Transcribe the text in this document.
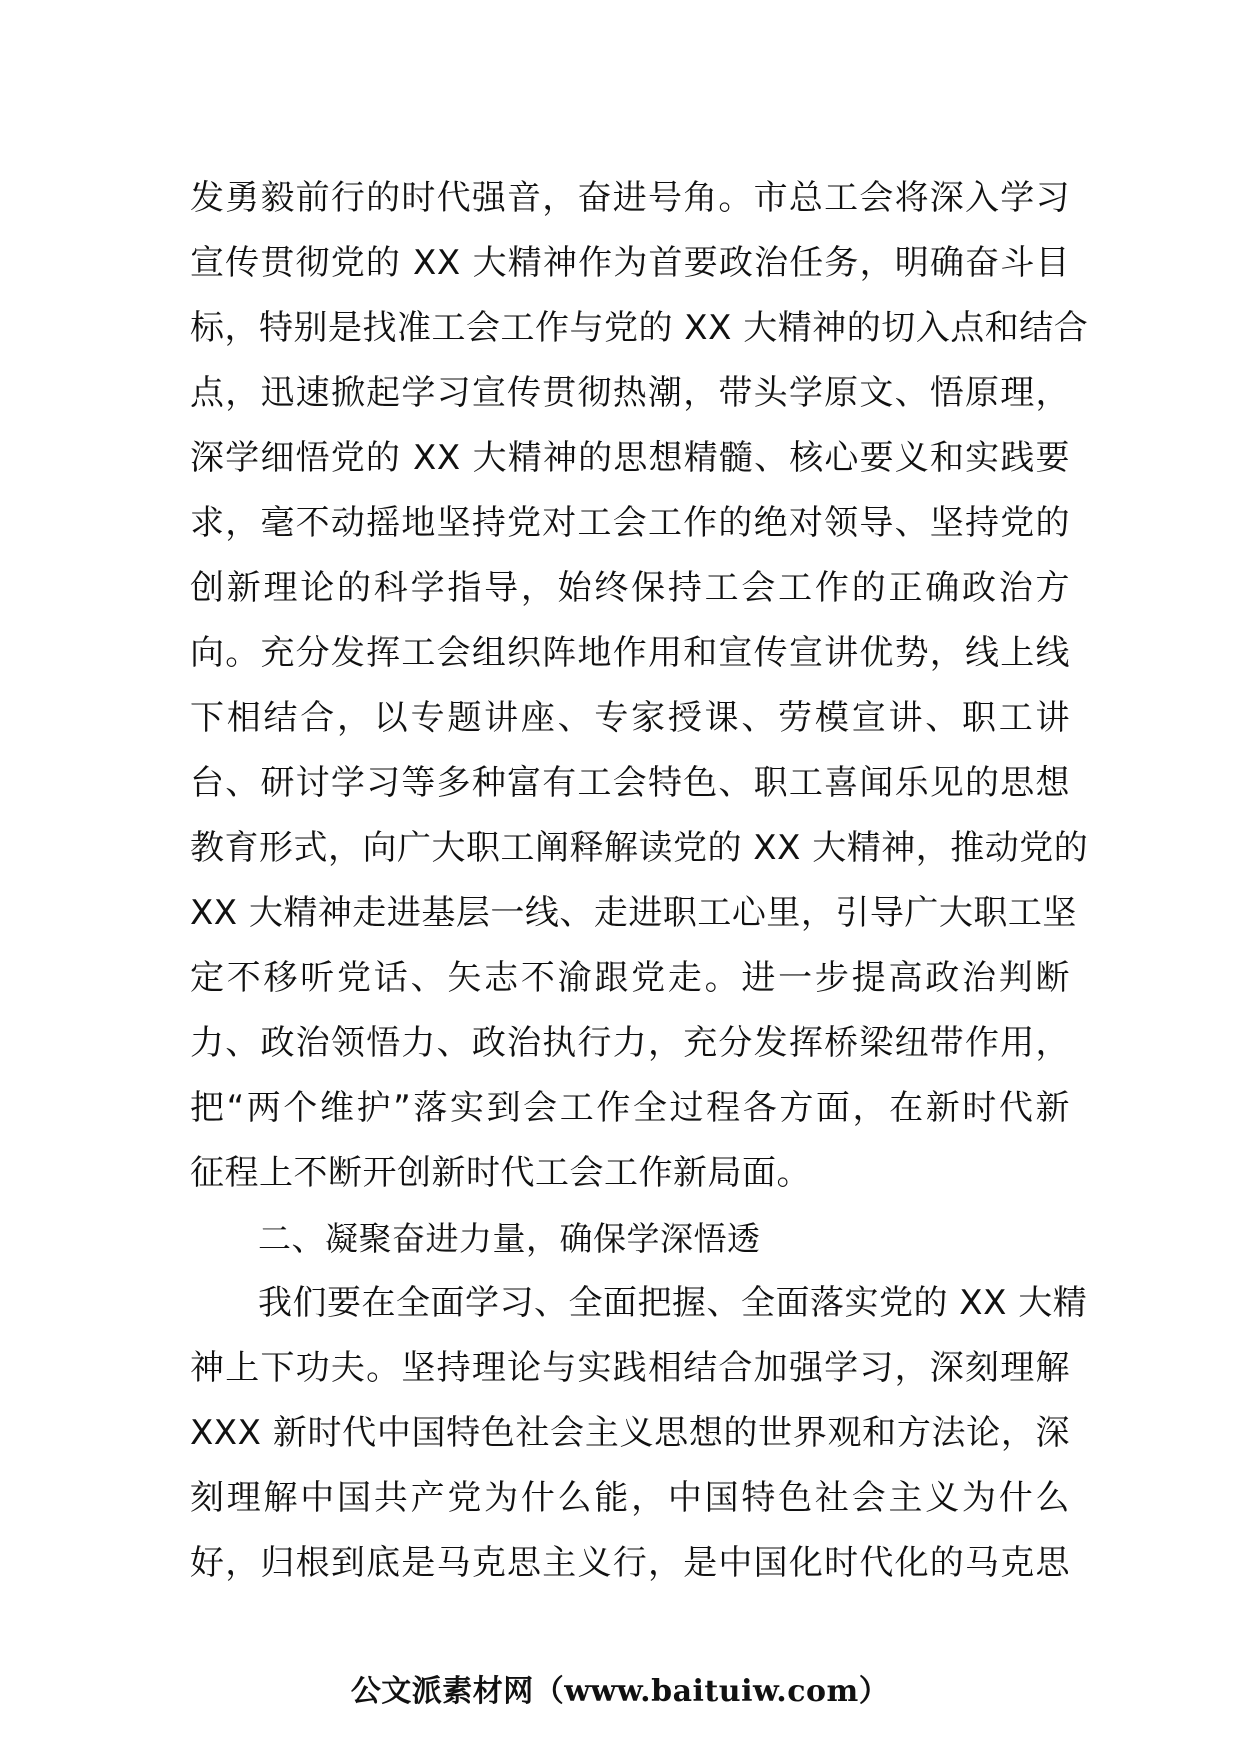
发勇毅前行的时代强音，奋进号角。市总工会将深入学习
宣传贯彻党的 XX 大精神作为首要政治任务，明确奋斗目
标，特别是找准工会工作与党的 XX 大精神的切入点和结合
点，迅速掀起学习宣传贯彻热潮，带头学原文、悟原理，
深学细悟党的 XX 大精神的思想精髓、核心要义和实践要
求，毫不动摇地坚持党对工会工作的绝对领导、坚持党的
创新理论的科学指导，始终保持工会工作的正确政治方
向。充分发挥工会组织阵地作用和宣传宣讲优势，线上线
下相结合，以专题讲座、专家授课、劳模宣讲、职工讲
台、研讨学习等多种富有工会特色、职工喜闻乐见的思想
教育形式，向广大职工阐释解读党的 XX 大精神，推动党的
XX 大精神走进基层一线、走进职工心里，引导广大职工坚
定不移听党话、矢志不渝跟党走。进一步提高政治判断
力、政治领悟力、政治执行力，充分发挥桥梁纽带作用，
把“两个维护”落实到会工作全过程各方面，在新时代新
征程上不断开创新时代工会工作新局面。
二、凝聚奋进力量，确保学深悟透
我们要在全面学习、全面把握、全面落实党的 XX 大精
神上下功夫。坚持理论与实践相结合加强学习，深刻理解
XXX 新时代中国特色社会主义思想的世界观和方法论，深
刻理解中国共产党为什么能，中国特色社会主义为什么
好，归根到底是马克思主义行，是中国化时代化的马克思
公文派素材网（www.baituiw.com）
